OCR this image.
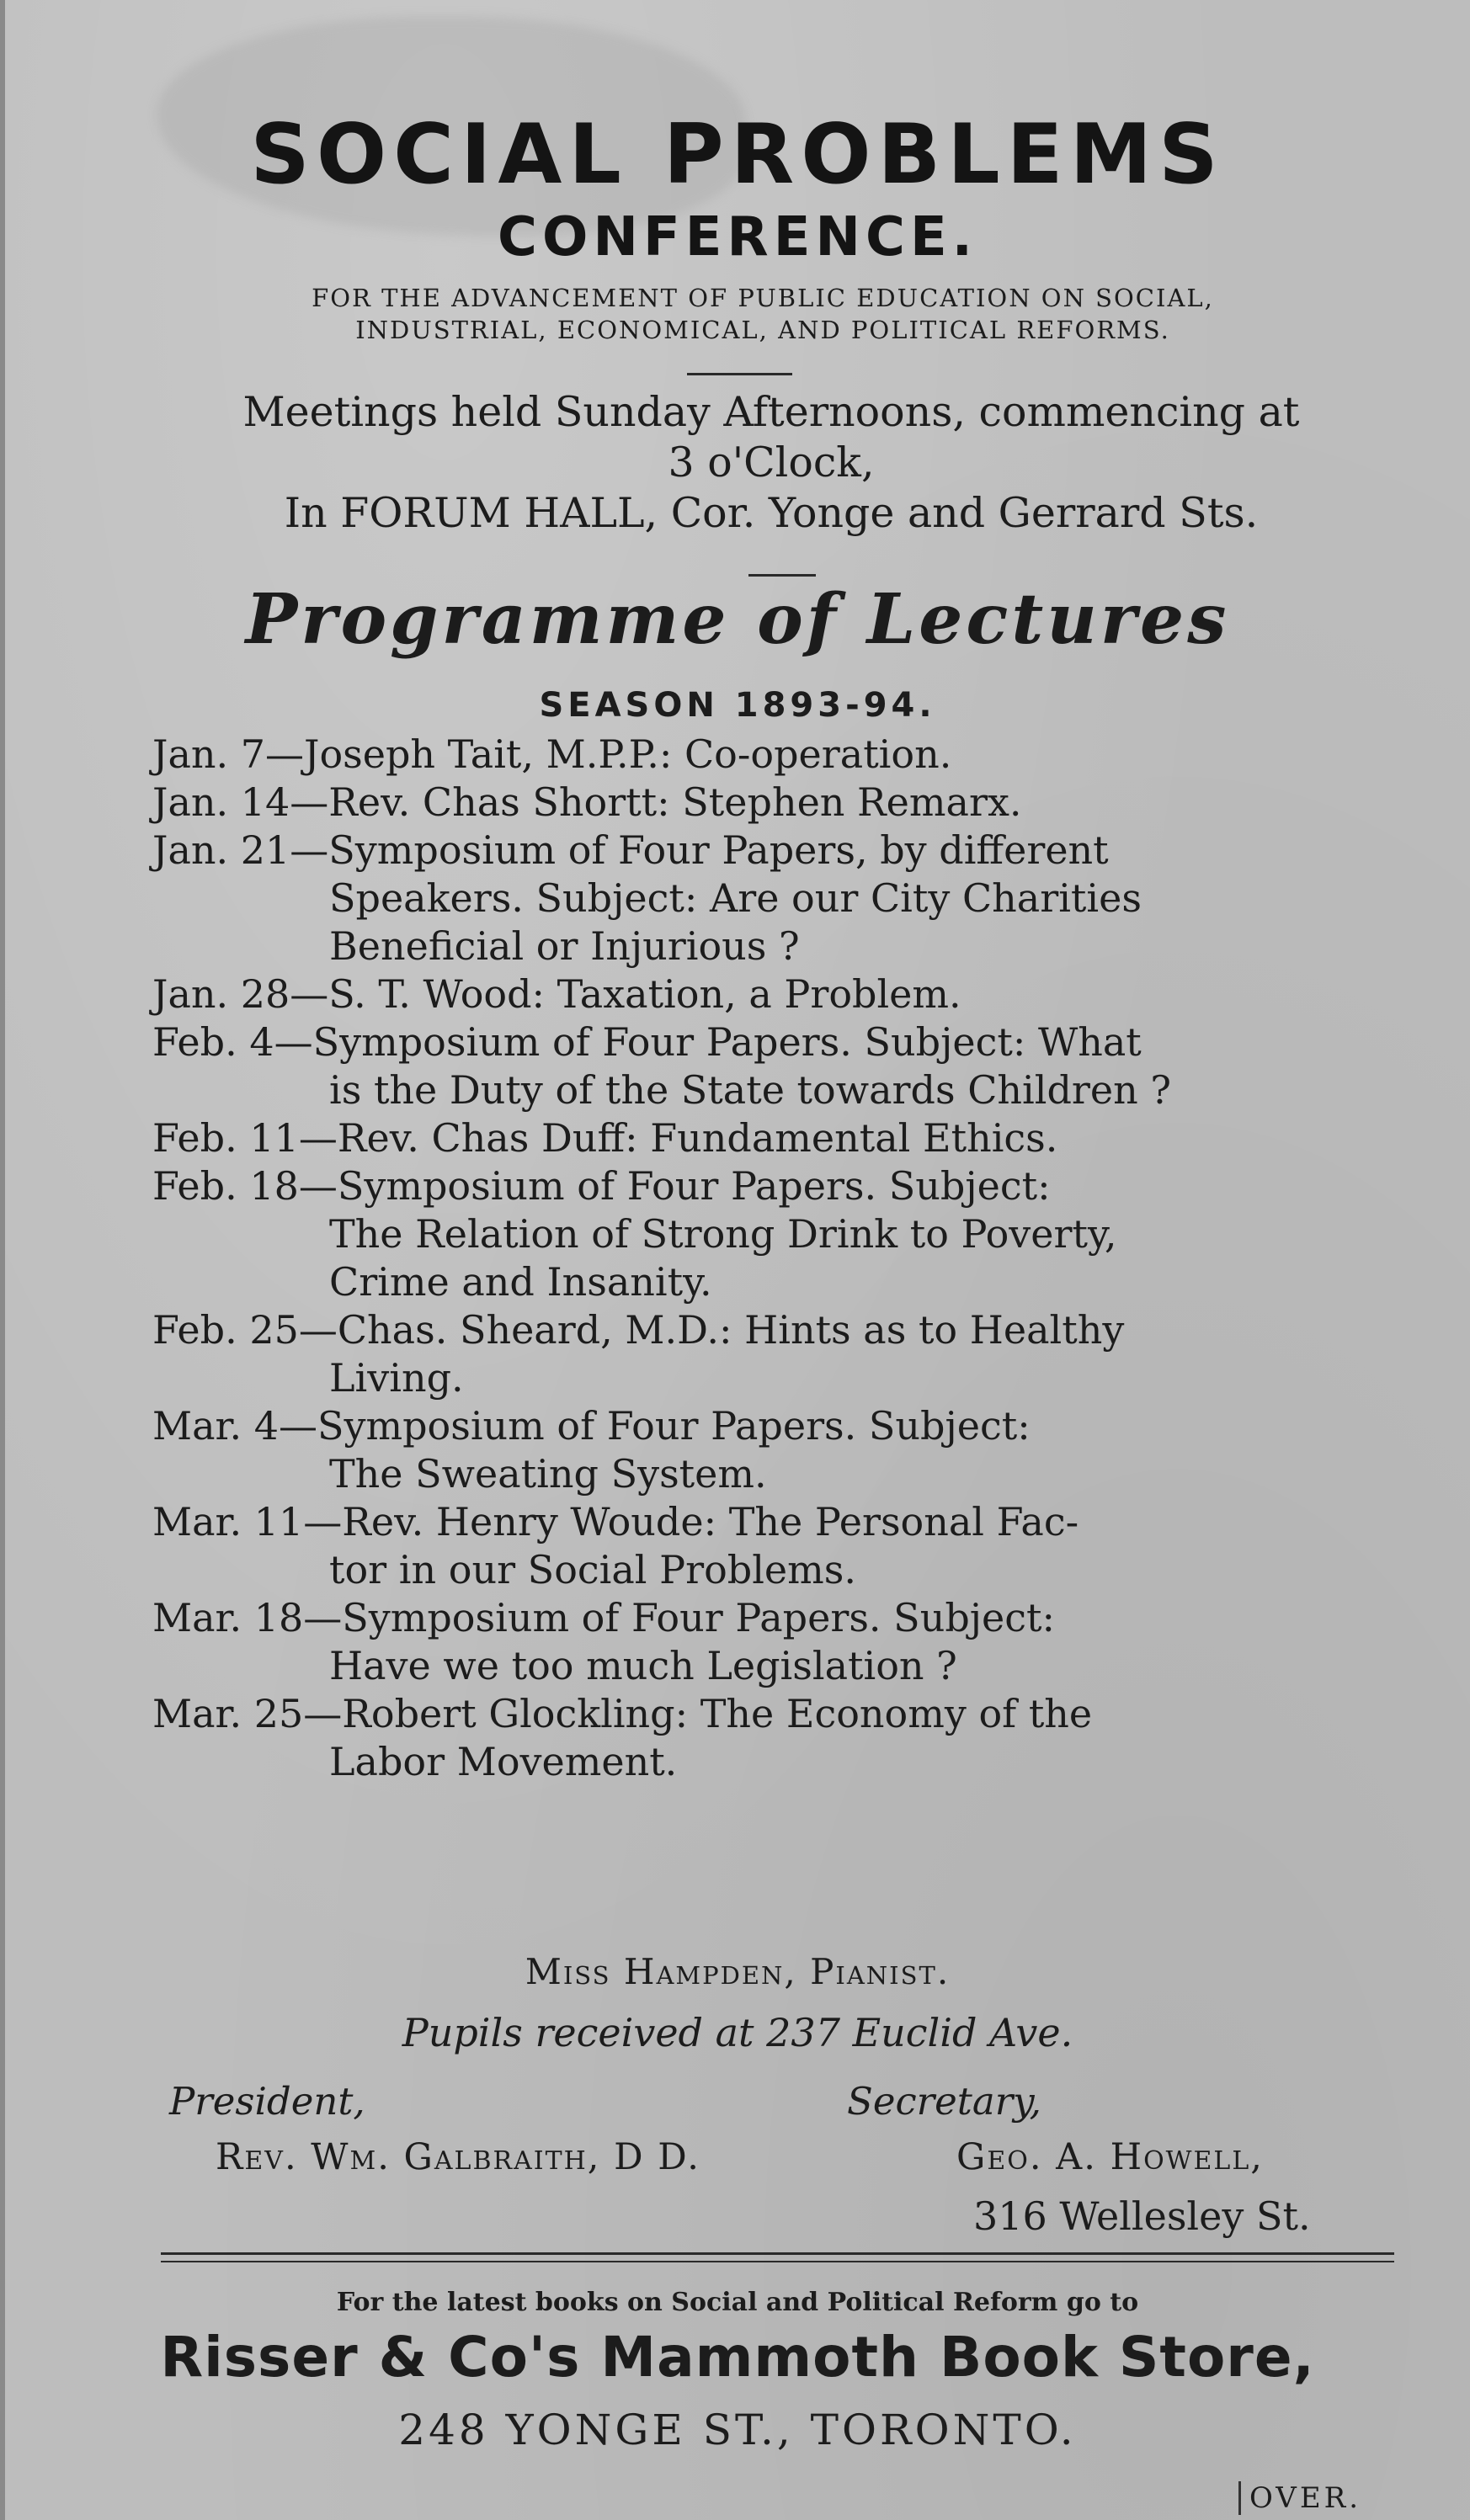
SOCIAL PROBLEMS
CONFERENCE.
FOR THE ADVANCEMENT OF PUBLIC EDUCATION ON SOCIAL,
INDUSTRIAL, ECONOMICAL, AND POLITICAL REFORMS.
Meetings held Sunday Afternoons, commencing at
3 o'Clock,
In FORUM HALL, Cor. Yonge and Gerrard Sts.
Programme of Lectures
SEASON 1893-94.
Jan. 7—Joseph Tait, M.P.P.: Co-operation.
Jan. 14—Rev. Chas Shortt: Stephen Remarx.
Jan. 21—Symposium of Four Papers, by different
Speakers. Subject: Are our City Charities
Beneficial or Injurious ?
Jan. 28—S. T. Wood: Taxation, a Problem.
Feb. 4—Symposium of Four Papers. Subject: What
is the Duty of the State towards Children ?
Feb. 11—Rev. Chas Duff: Fundamental Ethics.
Feb. 18—Symposium of Four Papers. Subject:
The Relation of Strong Drink to Poverty,
Crime and Insanity.
Feb. 25—Chas. Sheard, M.D.: Hints as to Healthy
Living.
Mar. 4—Symposium of Four Papers. Subject:
The Sweating System.
Mar. 11—Rev. Henry Woude: The Personal Fac-
tor in our Social Problems.
Mar. 18—Symposium of Four Papers. Subject:
Have we too much Legislation ?
Mar. 25—Robert Glockling: The Economy of the
Labor Movement.
Miss Hampden, Pianist.
Pupils received at 237 Euclid Ave.
President,	Secretary,
Rev. Wm. Galbraith, D D.	Geo. A. Howell,
316 Wellesley St.
For the latest books on Social and Political Reform go to
Risser & Co's Mammoth Book Store,
248 YONGE ST., TORONTO.
OVER.
